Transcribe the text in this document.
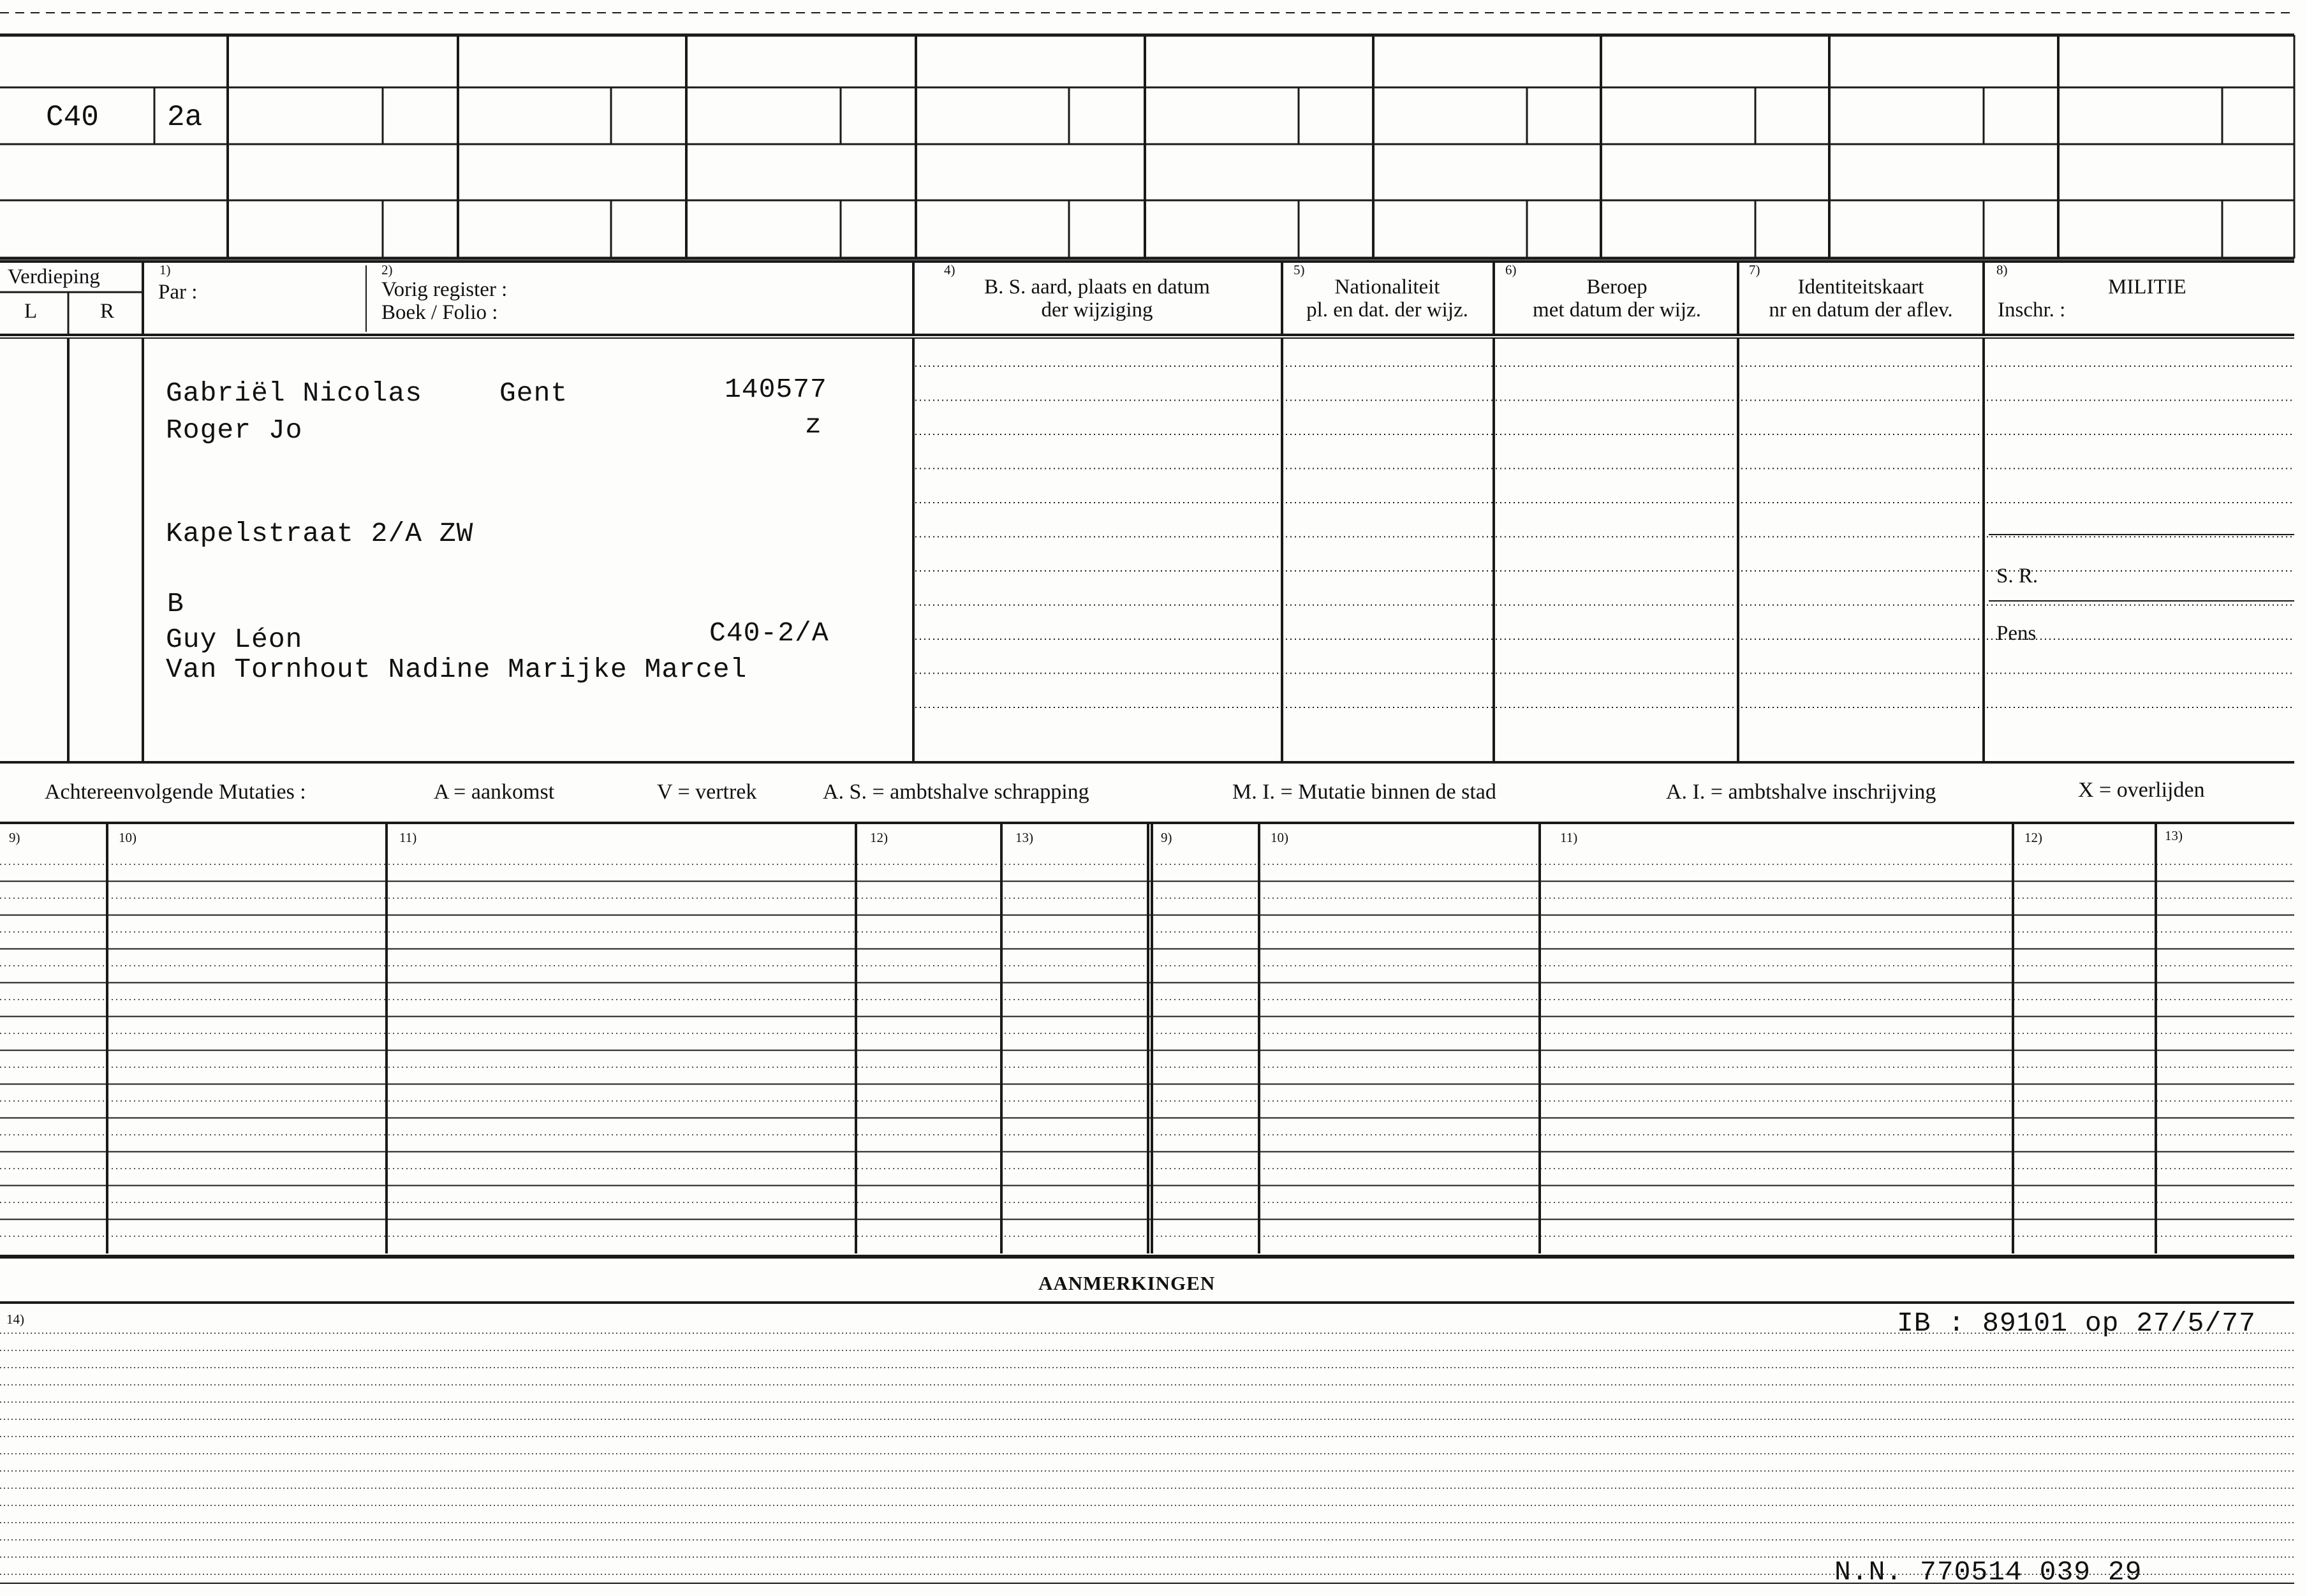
C40 2a
Verdieping
L	R
1)
Par :
2)
Vorig register :
Boek / Folio :
4)
B. S. aard, plaats en datum
der wijziging
5)
Nationaliteit
pl. en dat. der wijz.
6)
Beroep
met datum der wijz.
7)
Identiteitskaart
nr en datum der aflev.
8)
MILITIE
Inschr. :
S. R.
Pens
Gabriël Nicolas	Gent	140577
Roger Jo	z
Kapelstraat 2/A ZW
B
Guy Léon	C40-2/A
Van Tornhout Nadine Marijke Marcel
Achtereenvolgende Mutaties :	A = aankomst	V = vertrek	A. S. = ambtshalve schrapping	M. I. = Mutatie binnen de stad	A. I. = ambtshalve inschrijving	X = overlijden
9)	10)	11)	12)	13)	9)	10)	11)	12)	13)
AANMERKINGEN
14)	IB : 89101 op 27/5/77
N.N. 770514 039 29
